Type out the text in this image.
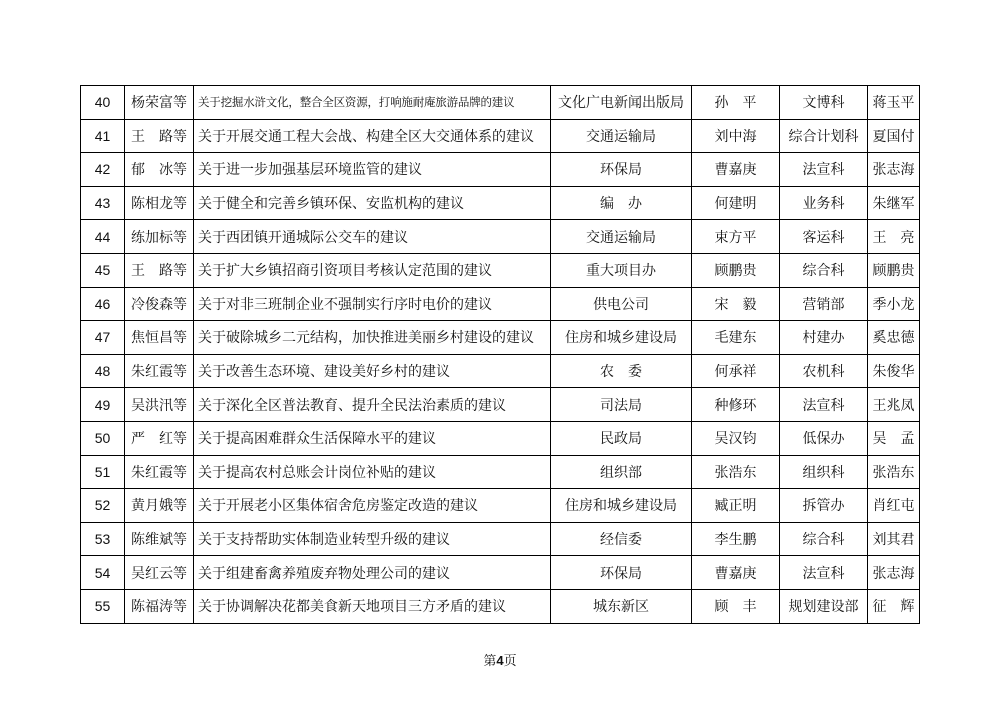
40	杨荣富等	关于挖掘水浒文化，整合全区资源，打响施耐庵旅游品牌的建议	文化广电新闻出版局	孙　平	文博科	蒋玉平
41	王　路等	关于开展交通工程大会战、构建全区大交通体系的建议	交通运输局	刘中海	综合计划科	夏国付
42	郁　冰等	关于进一步加强基层环境监管的建议	环保局	曹嘉庚	法宣科	张志海
43	陈相龙等	关于健全和完善乡镇环保、安监机构的建议	编　办	何建明	业务科	朱继军
44	练加标等	关于西团镇开通城际公交车的建议	交通运输局	束方平	客运科	王　亮
45	王　路等	关于扩大乡镇招商引资项目考核认定范围的建议	重大项目办	顾鹏贵	综合科	顾鹏贵
46	冷俊森等	关于对非三班制企业不强制实行序时电价的建议	供电公司	宋　毅	营销部	季小龙
47	焦恒昌等	关于破除城乡二元结构，加快推进美丽乡村建设的建议	住房和城乡建设局	毛建东	村建办	奚忠德
48	朱红霞等	关于改善生态环境、建设美好乡村的建议	农　委	何承祥	农机科	朱俊华
49	吴洪汛等	关于深化全区普法教育、提升全民法治素质的建议	司法局	种修环	法宣科	王兆凤
50	严　红等	关于提高困难群众生活保障水平的建议	民政局	吴汉钧	低保办	吴　孟
51	朱红霞等	关于提高农村总账会计岗位补贴的建议	组织部	张浩东	组织科	张浩东
52	黄月娥等	关于开展老小区集体宿舍危房鉴定改造的建议	住房和城乡建设局	臧正明	拆管办	肖红屯
53	陈维斌等	关于支持帮助实体制造业转型升级的建议	经信委	李生鹏	综合科	刘其君
54	吴红云等	关于组建畜禽养殖废弃物处理公司的建议	环保局	曹嘉庚	法宣科	张志海
55	陈福涛等	关于协调解决花都美食新天地项目三方矛盾的建议	城东新区	顾　丰	规划建设部	征　辉
第4页
